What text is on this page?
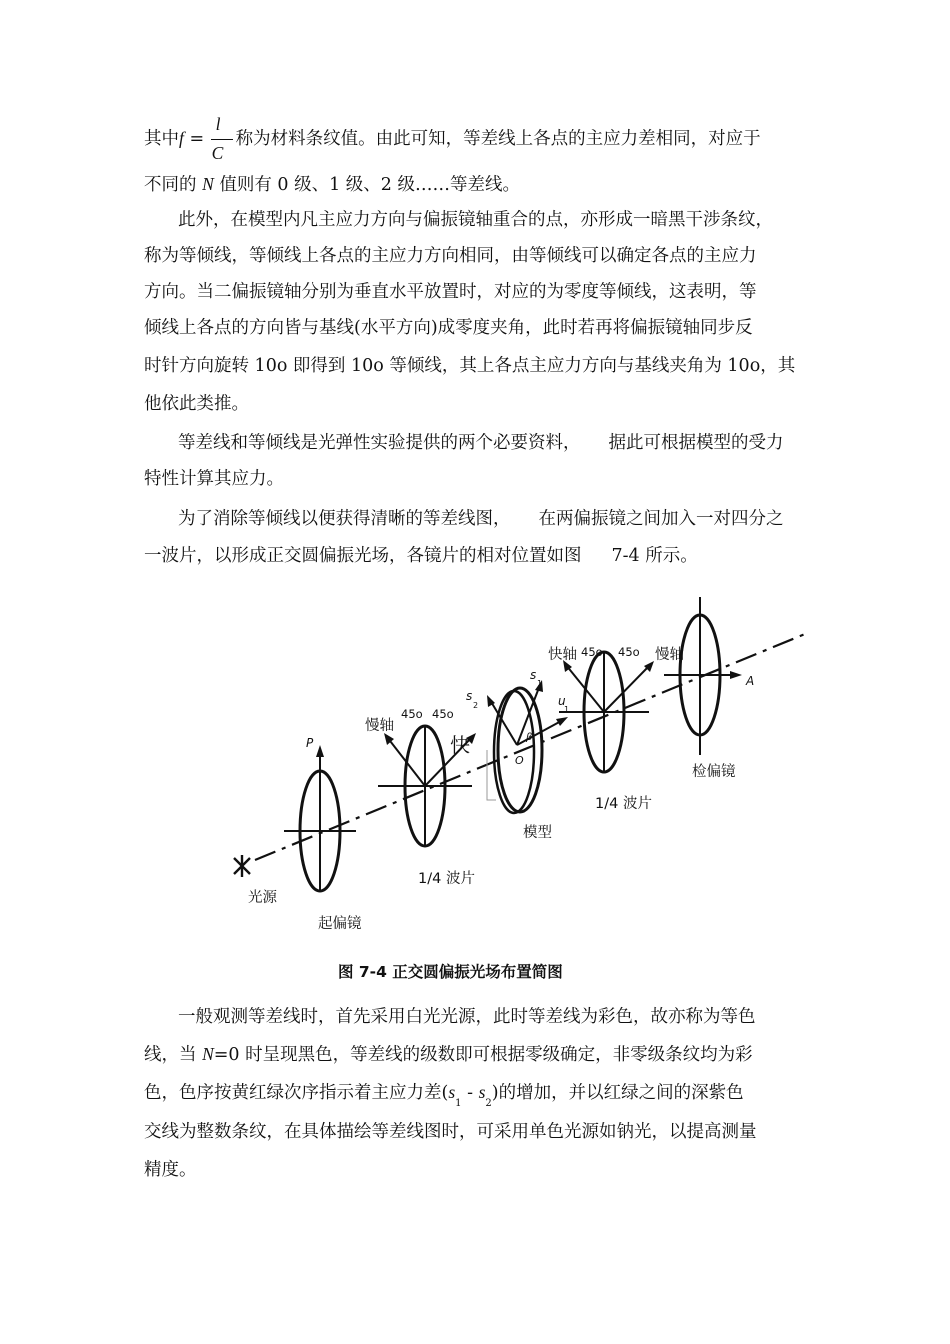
其中$f = \frac{l}{C}$ 称为材料条纹值。由此可知，等差线上各点的主应力差相同，对应于
不同的 N 值则有 0 级、1 级、2 级……等差线。
此外，在模型内凡主应力方向与偏振镜轴重合的点，亦形成一暗黑干涉条纹，
称为等倾线，等倾线上各点的主应力方向相同，由等倾线可以确定各点的主应力
方向。当二偏振镜轴分别为垂直水平放置时，对应的为零度等倾线，这表明，等
倾线上各点的方向皆与基线(水平方向)成零度夹角，此时若再将偏振镜轴同步反
时针方向旋转 10o 即得到 10o 等倾线，其上各点主应力方向与基线夹角为 10o，其
他依此类推。
等差线和等倾线是光弹性实验提供的两个必要资料， 据此可根据模型的受力
特性计算其应力。
为了消除等倾线以便获得清晰的等差线图， 在两偏振镜之间加入一对四分之
一波片，以形成正交圆偏振光场，各镜片的相对位置如图 7-4 所示。
光源
起偏镜
1/4 波片
模型
1/4 波片
检偏镜
慢轴
45o 45o
快
快轴 45o 45o 慢轴
P
A
s
2
s
1
u
1
O
β
图 7-4 正交圆偏振光场布置简图
一般观测等差线时，首先采用白光光源，此时等差线为彩色，故亦称为等色
线，当 N=0 时呈现黑色，等差线的级数即可根据零级确定，非零级条纹均为彩
色，色序按黄红绿次序指示着主应力差$(s_1 - s_2)$的增加，并以红绿之间的深紫色
交线为整数条纹，在具体描绘等差线图时，可采用单色光源如钠光，以提高测量
精度。
